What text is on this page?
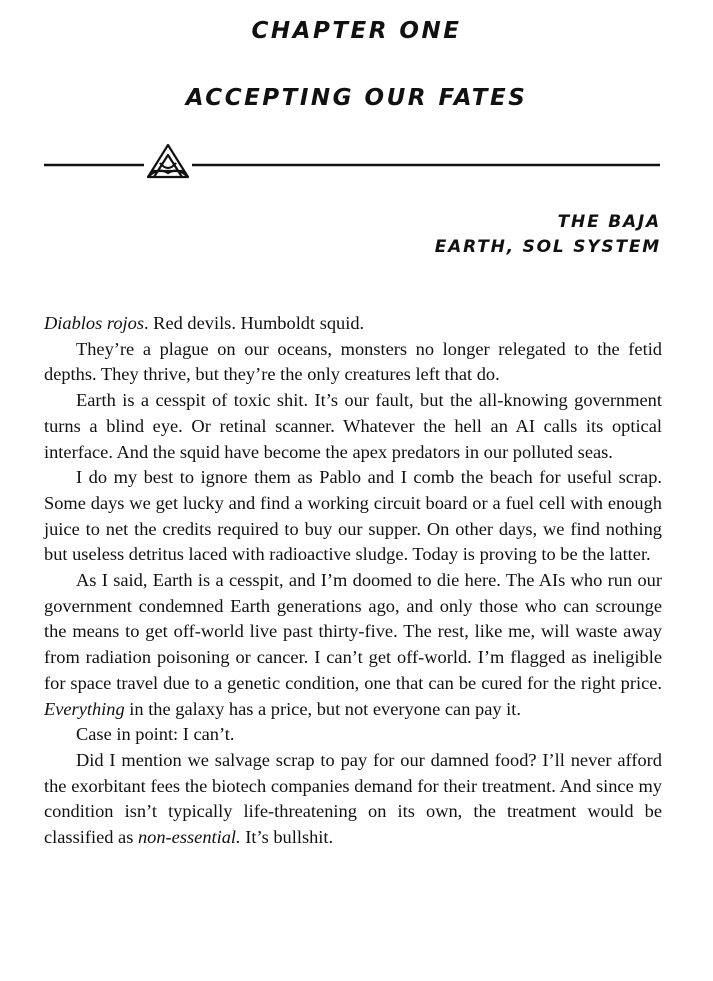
CHAPTER ONE
ACCEPTING OUR FATES
THE BAJA
EARTH, SOL SYSTEM

Diablos rojos. Red devils. Humboldt squid.

They’re a plague on our oceans, monsters no longer relegated to the fetid depths. They thrive, but they’re the only creatures left that do.

Earth is a cesspit of toxic shit. It’s our fault, but the all-knowing government turns a blind eye. Or retinal scanner. Whatever the hell an AI calls its optical interface. And the squid have become the apex predators in our polluted seas.

I do my best to ignore them as Pablo and I comb the beach for useful scrap. Some days we get lucky and find a working circuit board or a fuel cell with enough juice to net the credits required to buy our supper. On other days, we find nothing but useless detritus laced with radioactive sludge. Today is proving to be the latter.

As I said, Earth is a cesspit, and I’m doomed to die here. The AIs who run our government condemned Earth generations ago, and only those who can scrounge the means to get off-world live past thirty-five. The rest, like me, will waste away from radiation poisoning or cancer. I can’t get off-world. I’m flagged as ineligible for space travel due to a genetic condition, one that can be cured for the right price. Everything in the galaxy has a price, but not everyone can pay it.

Case in point: I can’t.

Did I mention we salvage scrap to pay for our damned food? I’ll never afford the exorbitant fees the biotech companies demand for their treatment. And since my condition isn’t typically life-threatening on its own, the treatment would be classified as non-essential. It’s bullshit.
